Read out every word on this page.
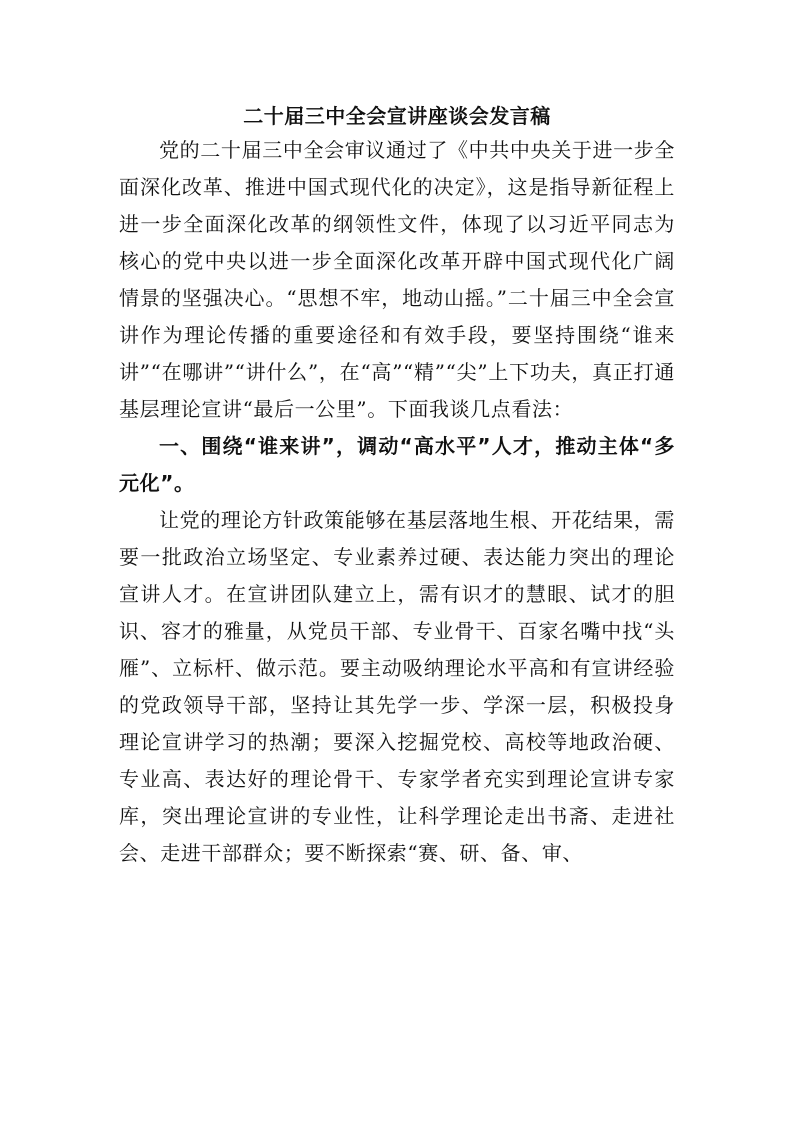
二十届三中全会宣讲座谈会发言稿

党的二十届三中全会审议通过了《中共中央关于进一步全面深化改革、推进中国式现代化的决定》，这是指导新征程上进一步全面深化改革的纲领性文件，体现了以习近平同志为核心的党中央以进一步全面深化改革开辟中国式现代化广阔情景的坚强决心。“思想不牢，地动山摇。”二十届三中全会宣讲作为理论传播的重要途径和有效手段，要坚持围绕“谁来讲”“在哪讲”“讲什么”，在“高”“精”“尖”上下功夫，真正打通基层理论宣讲“最后一公里”。下面我谈几点看法：

一、围绕“谁来讲”，调动“高水平”人才，推动主体“多元化”。

让党的理论方针政策能够在基层落地生根、开花结果，需要一批政治立场坚定、专业素养过硬、表达能力突出的理论宣讲人才。在宣讲团队建立上，需有识才的慧眼、试才的胆识、容才的雅量，从党员干部、专业骨干、百家名嘴中找“头雁”、立标杆、做示范。要主动吸纳理论水平高和有宣讲经验的党政领导干部，坚持让其先学一步、学深一层，积极投身理论宣讲学习的热潮；要深入挖掘党校、高校等地政治硬、专业高、表达好的理论骨干、专家学者充实到理论宣讲专家库，突出理论宣讲的专业性，让科学理论走出书斋、走进社会、走进干部群众；要不断探索“赛、研、备、审、
